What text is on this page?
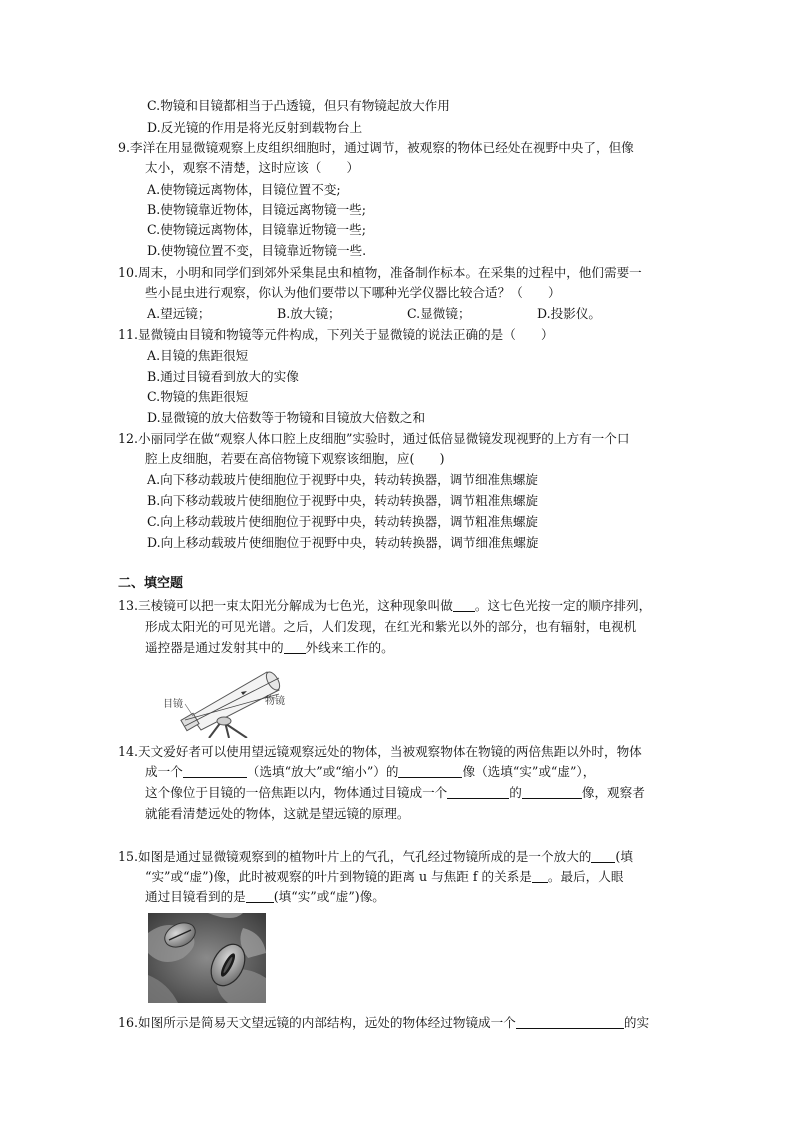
C.物镜和目镜都相当于凸透镜，但只有物镜起放大作用
D.反光镜的作用是将光反射到载物台上
9.李洋在用显微镜观察上皮组织细胞时，通过调节，被观察的物体已经处在视野中央了，但像
太小，观察不清楚，这时应该（　　）
A.使物镜远离物体，目镜位置不变;
B.使物镜靠近物体，目镜远离物镜一些;
C.使物镜远离物体，目镜靠近物镜一些;
D.使物镜位置不变，目镜靠近物镜一些.
10.周末，小明和同学们到郊外采集昆虫和植物，准备制作标本。在采集的过程中，他们需要一
些小昆虫进行观察，你认为他们要带以下哪种光学仪器比较合适？（　　）
A.望远镜；	B.放大镜；	C.显微镜；	D.投影仪。
11.显微镜由目镜和物镜等元件构成，下列关于显微镜的说法正确的是（　　）
A.目镜的焦距很短
B.通过目镜看到放大的实像
C.物镜的焦距很短
D.显微镜的放大倍数等于物镜和目镜放大倍数之和
12.小丽同学在做“观察人体口腔上皮细胞”实验时，通过低倍显微镜发现视野的上方有一个口
腔上皮细胞，若要在高倍物镜下观察该细胞，应(　　)
A.向下移动载玻片使细胞位于视野中央，转动转换器，调节细准焦螺旋
B.向下移动载玻片使细胞位于视野中央，转动转换器，调节粗准焦螺旋
C.向上移动载玻片使细胞位于视野中央，转动转换器，调节粗准焦螺旋
D.向上移动载玻片使细胞位于视野中央，转动转换器，调节细准焦螺旋
二、填空题
13.三棱镜可以把一束太阳光分解成为七色光，这种现象叫做 。这七色光按一定的顺序排列，
形成太阳光的可见光谱。之后，人们发现，在红光和紫光以外的部分，也有辐射，电视机
遥控器是通过发射其中的 外线来工作的。
目镜	物镜
14.天文爱好者可以使用望远镜观察远处的物体，当被观察物体在物镜的两倍焦距以外时，物体
成一个	（选填“放大”或“缩小”）的	像（选填“实”或“虚”），
这个像位于目镜的一倍焦距以内，物体通过目镜成一个	的	像，观察者
就能看清楚远处的物体，这就是望远镜的原理。
15.如图是通过显微镜观察到的植物叶片上的气孔，气孔经过物镜所成的是一个放大的 (填
“实”或“虚”)像，此时被观察的叶片到物镜的距离 u 与焦距 f 的关系是 。最后，人眼
通过目镜看到的是 (填“实”或“虚”)像。
16.如图所示是简易天文望远镜的内部结构，远处的物体经过物镜成一个	的实
